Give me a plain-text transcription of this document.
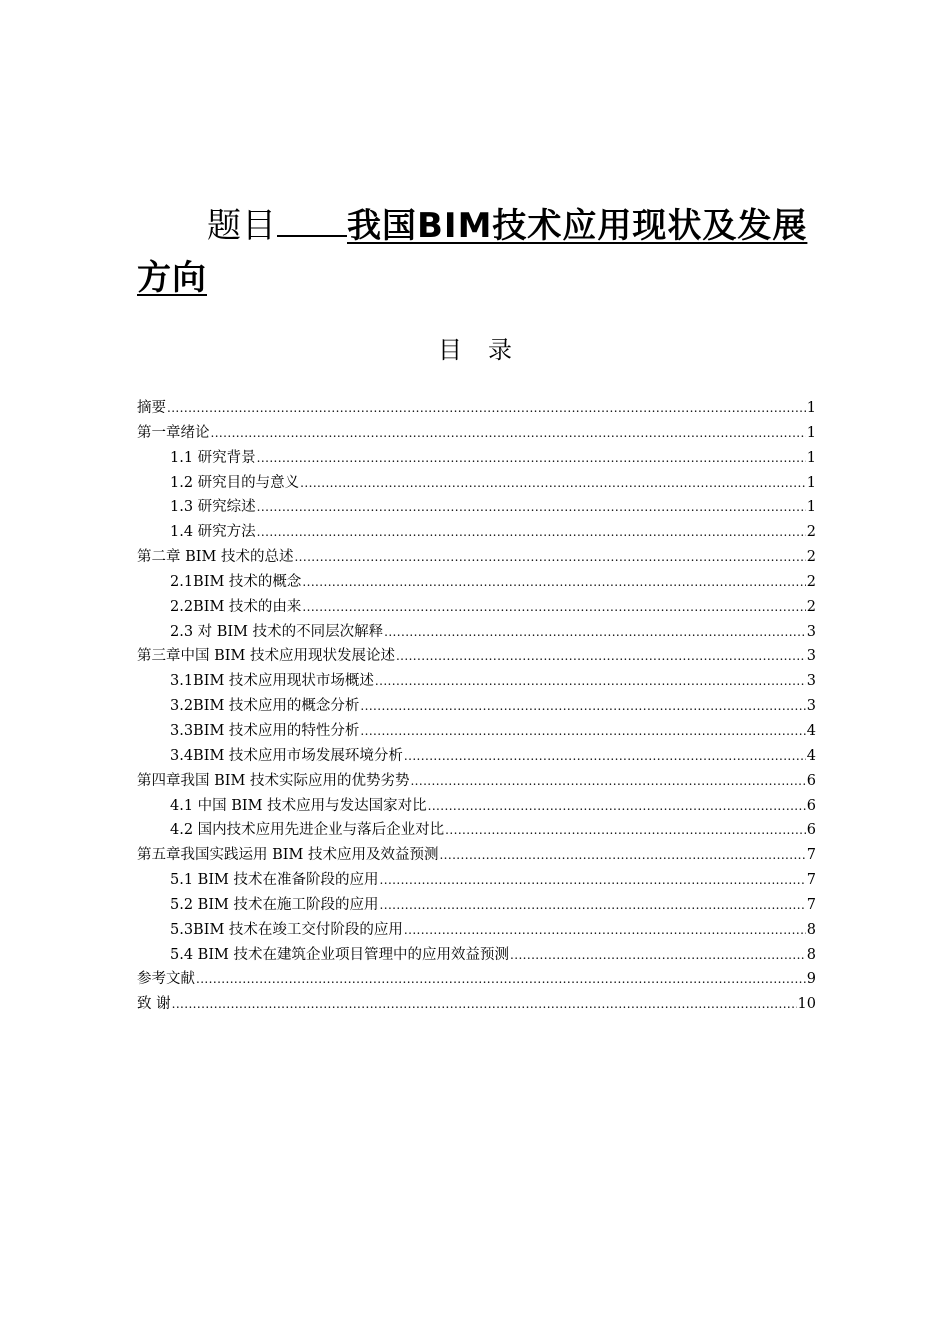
题目 我国BIM技术应用现状及发展方向
目录
摘要 .....	1
第一章绪论 .....	1
1.1 研究背景 .....	1
1.2 研究目的与意义 .....	1
1.3 研究综述 .....	1
1.4 研究方法 .....	2
第二章 BIM 技术的总述 .....	2
2.1BIM 技术的概念 .....	2
2.2BIM 技术的由来 .....	2
2.3 对 BIM 技术的不同层次解释 .....	3
第三章中国 BIM 技术应用现状发展论述 .....	3
3.1BIM 技术应用现状市场概述 .....	3
3.2BIM 技术应用的概念分析 .....	3
3.3BIM 技术应用的特性分析 .....	4
3.4BIM 技术应用市场发展环境分析 .....	4
第四章我国 BIM 技术实际应用的优势劣势 .....	6
4.1 中国 BIM 技术应用与发达国家对比 .....	6
4.2 国内技术应用先进企业与落后企业对比 .....	6
第五章我国实践运用 BIM 技术应用及效益预测 .....	7
5.1 BIM 技术在准备阶段的应用 .....	7
5.2 BIM 技术在施工阶段的应用 .....	7
5.3BIM 技术在竣工交付阶段的应用 .....	8
5.4 BIM 技术在建筑企业项目管理中的应用效益预测 .....	8
参考文献 .....	9
致 谢 .....	10
